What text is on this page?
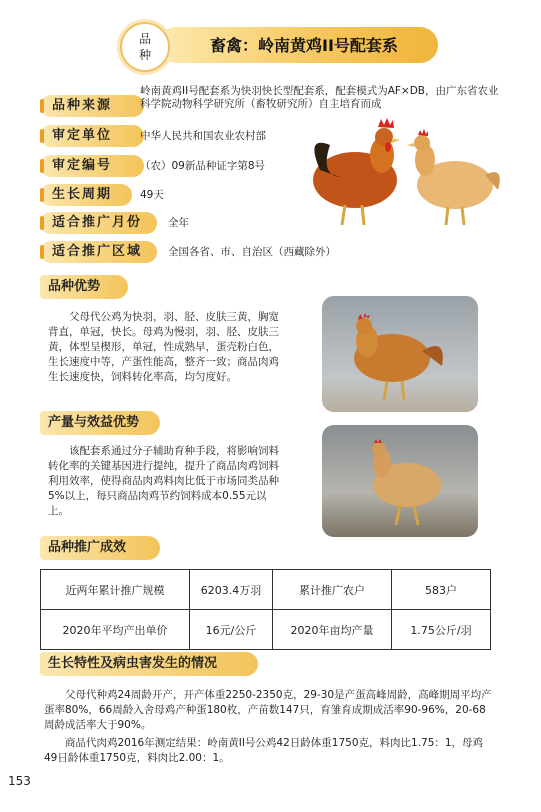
品
种	畜禽：岭南黄鸡II号配套系
品种来源
岭南黄鸡II号配套系为快羽快长型配套系，配套模式为AF×DB，由广东省农业科学院动物科学研究所（畜牧研究所）自主培育而成
审定单位	中华人民共和国农业农村部
审定编号	（农）09新品种证字第8号
生长周期	49天
适合推广月份	全年
适合推广区域	全国各省、市、自治区（西藏除外）
品种优势
父母代公鸡为快羽，羽、胫、皮肤三黄，胸宽背直，单冠，快长。母鸡为慢羽，羽、胫、皮肤三黄，体型呈楔形，单冠，性成熟早，蛋壳粉白色，生长速度中等，产蛋性能高，整齐一致；商品肉鸡生长速度快，饲料转化率高，均匀度好。
产量与效益优势
该配套系通过分子辅助育种手段，将影响饲料转化率的关键基因进行提纯，提升了商品肉鸡饲料利用效率，使得商品肉鸡料肉比低于市场同类品种5%以上，每只商品肉鸡节约饲料成本0.55元以上。
品种推广成效
近两年累计推广规模	6203.4万羽	累计推广农户	583户
2020年平均产出单价	16元/公斤	2020年亩均产量	1.75公斤/羽
生长特性及病虫害发生的情况
父母代种鸡24周龄开产，开产体重2250-2350克，29-30是产蛋高峰周龄，高峰期周平均产蛋率80%，66周龄入舍母鸡产种蛋180枚，产苗数147只，育雏育成期成活率90-96%，20-68周龄成活率大于90%。
商品代肉鸡2016年测定结果：岭南黄II号公鸡42日龄体重1750克，料肉比1.75：1，母鸡49日龄体重1750克，料肉比2.00：1。
153
